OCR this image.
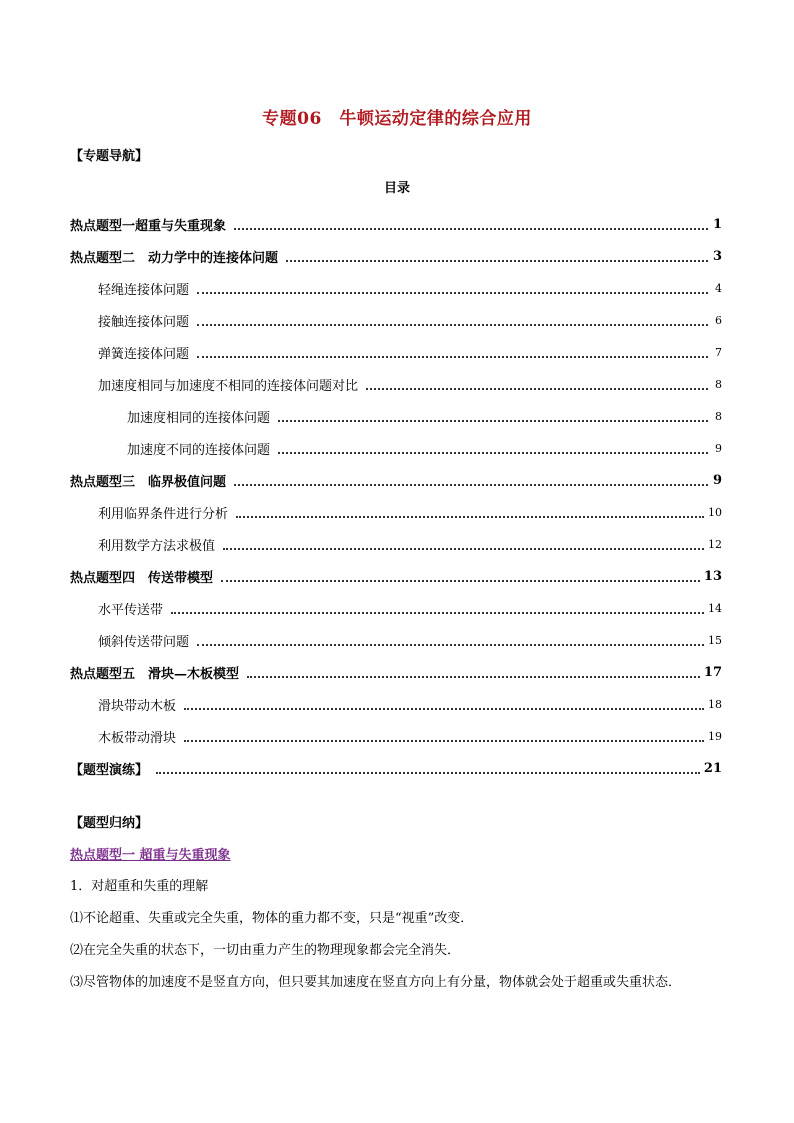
专题06　牛顿运动定律的综合应用
【专题导航】
目录
热点题型一超重与失重现象	1
热点题型二　动力学中的连接体问题	3
轻绳连接体问题	4
接触连接体问题	6
弹簧连接体问题	7
加速度相同与加速度不相同的连接体问题对比	8
加速度相同的连接体问题	8
加速度不同的连接体问题	9
热点题型三　临界极值问题	9
利用临界条件进行分析	10
利用数学方法求极值	12
热点题型四　传送带模型	13
水平传送带	14
倾斜传送带问题	15
热点题型五　滑块—木板模型	17
滑块带动木板	18
木板带动滑块	19
【题型演练】	21
【题型归纳】
热点题型一 超重与失重现象
1．对超重和失重的理解
⑴不论超重、失重或完全失重，物体的重力都不变，只是“视重”改变．
⑵在完全失重的状态下，一切由重力产生的物理现象都会完全消失．
⑶尽管物体的加速度不是竖直方向，但只要其加速度在竖直方向上有分量，物体就会处于超重或失重状态．
